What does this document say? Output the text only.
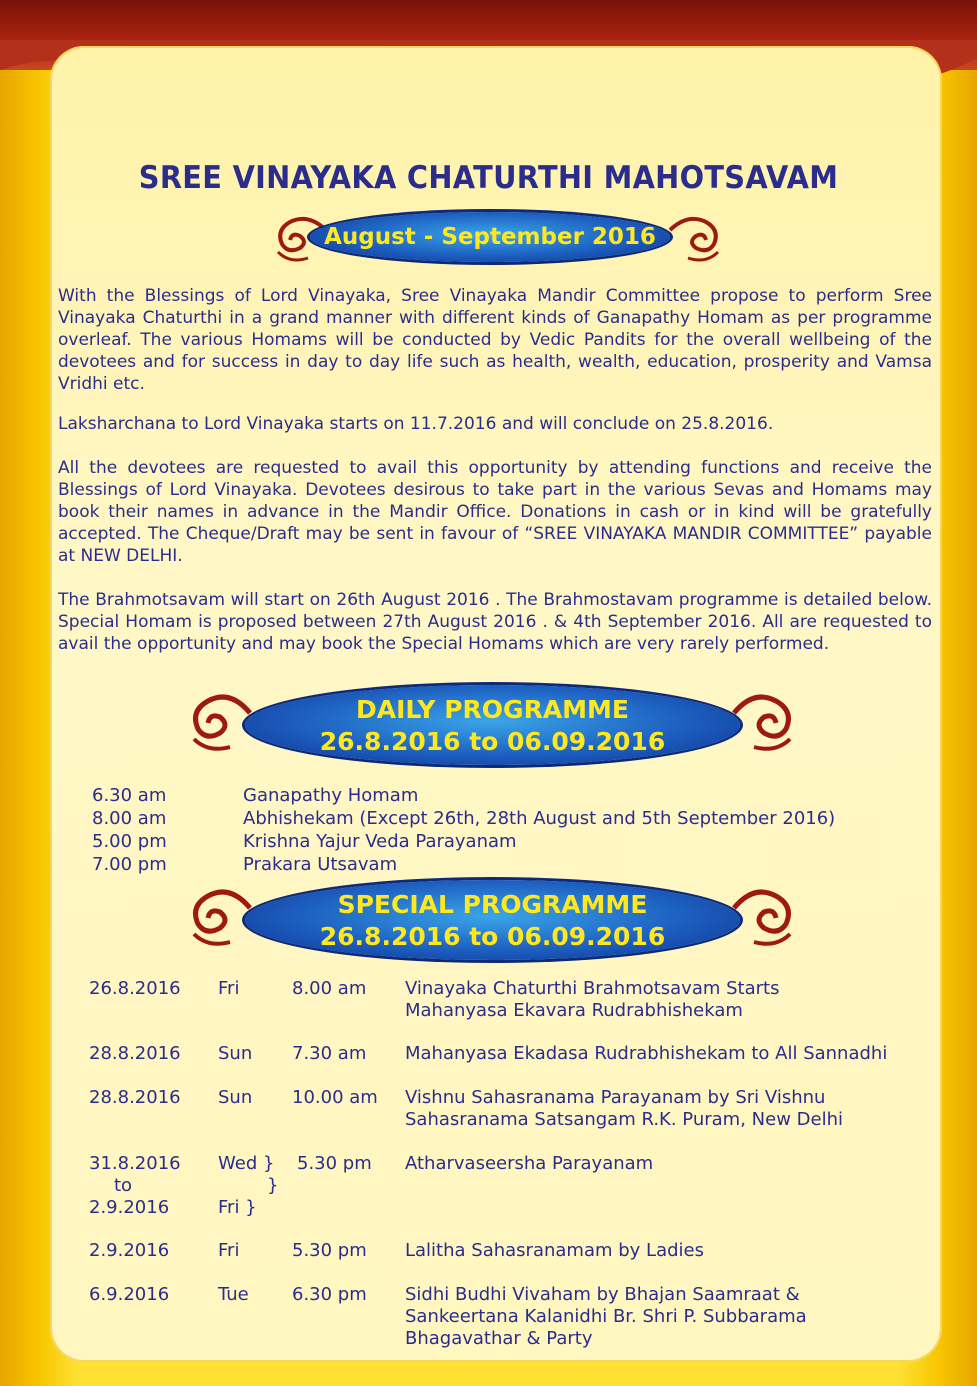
SREE VINAYAKA CHATURTHI MAHOTSAVAM
August - September 2016
With the Blessings of Lord Vinayaka, Sree Vinayaka Mandir Committee propose to perform Sree Vinayaka Chaturthi in a grand manner with different kinds of Ganapathy Homam as per programme overleaf. The various Homams will be conducted by Vedic Pandits for the overall wellbeing of the devotees and for success in day to day life such as health, wealth, education, prosperity and Vamsa Vridhi etc.
Laksharchana to Lord Vinayaka starts on 11.7.2016 and will conclude on 25.8.2016.
All the devotees are requested to avail this opportunity by attending functions and receive the Blessings of Lord Vinayaka. Devotees desirous to take part in the various Sevas and Homams may book their names in advance in the Mandir Office. Donations in cash or in kind will be gratefully accepted. The Cheque/Draft may be sent in favour of “SREE VINAYAKA MANDIR COMMITTEE” payable at NEW DELHI.
The Brahmotsavam will start on 26th August 2016 . The Brahmostavam programme is detailed below. Special Homam is proposed between 27th August 2016 . & 4th September 2016. All are requested to avail the opportunity and may book the Special Homams which are very rarely performed.
DAILY PROGRAMME
26.8.2016 to 06.09.2016
6.30 am	Ganapathy Homam
8.00 am	Abhishekam (Except 26th, 28th August and 5th September 2016)
5.00 pm	Krishna Yajur Veda Parayanam
7.00 pm	Prakara Utsavam
SPECIAL PROGRAMME
26.8.2016 to 06.09.2016
26.8.2016 Fri	8.00 am Vinayaka Chaturthi Brahmotsavam Starts
Mahanyasa Ekavara Rudrabhishekam
28.8.2016 Sun 7.30 am Mahanyasa Ekadasa Rudrabhishekam to All Sannadhi
28.8.2016 Sun 10.00 am Vishnu Sahasranama Parayanam by Sri Vishnu
Sahasranama Satsangam R.K. Puram, New Delhi
31.8.2016 Wed } 5.30 pm Atharvaseersha Parayanam
to	}
2.9.2016	Fri }
2.9.2016	Fri	5.30 pm Lalitha Sahasranamam by Ladies
6.9.2016	Tue 6.30 pm Sidhi Budhi Vivaham by Bhajan Saamraat &
Sankeertana Kalanidhi Br. Shri P. Subbarama
Bhagavathar & Party
